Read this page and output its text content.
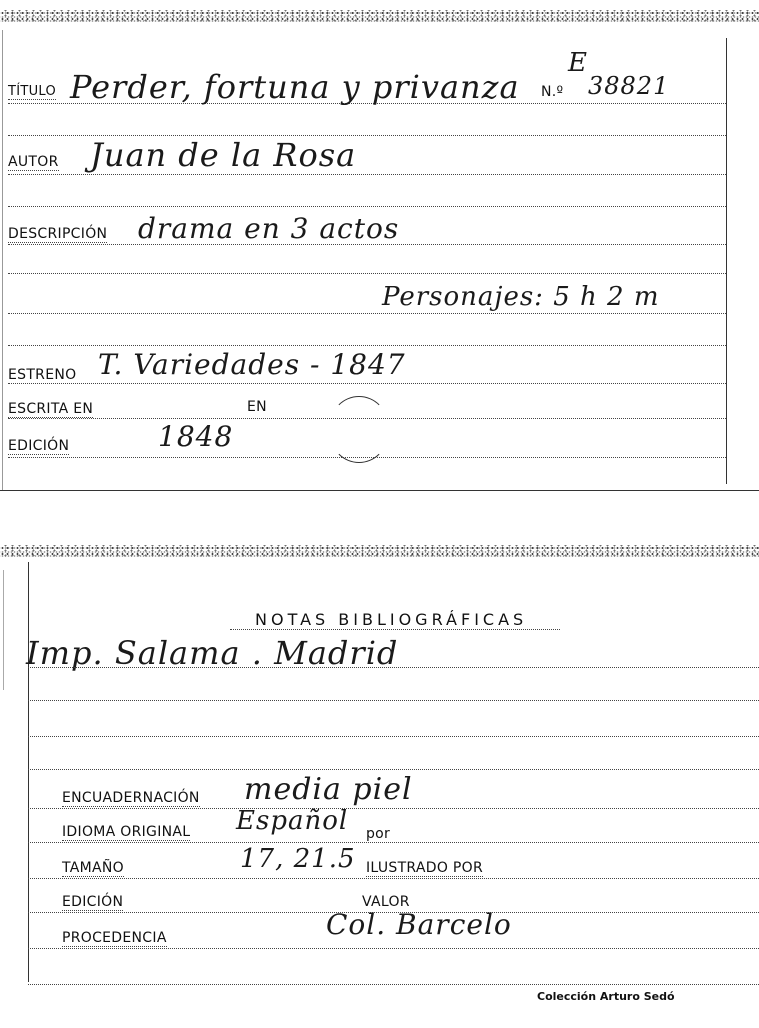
TÍTULO Perder, fortuna y privanza N.º
E
38821
AUTOR Juan de la Rosa
DESCRIPCIÓN drama en 3 actos
Personajes: 5 h 2 m
ESTRENO T. Variedades - 1847
ESCRITA EN	EN
EDICIÓN	1848
NOTAS BIBLIOGRÁFICAS
Imp. Salama . Madrid
ENCUADERNACIÓN media piel
IDIOMA ORIGINAL Español por
TAMAÑO	17, 21.5 ILUSTRADO POR
EDICIÓN	VALOR
PROCEDENCIA	Col. Barcelo
Colección Arturo Sedó
